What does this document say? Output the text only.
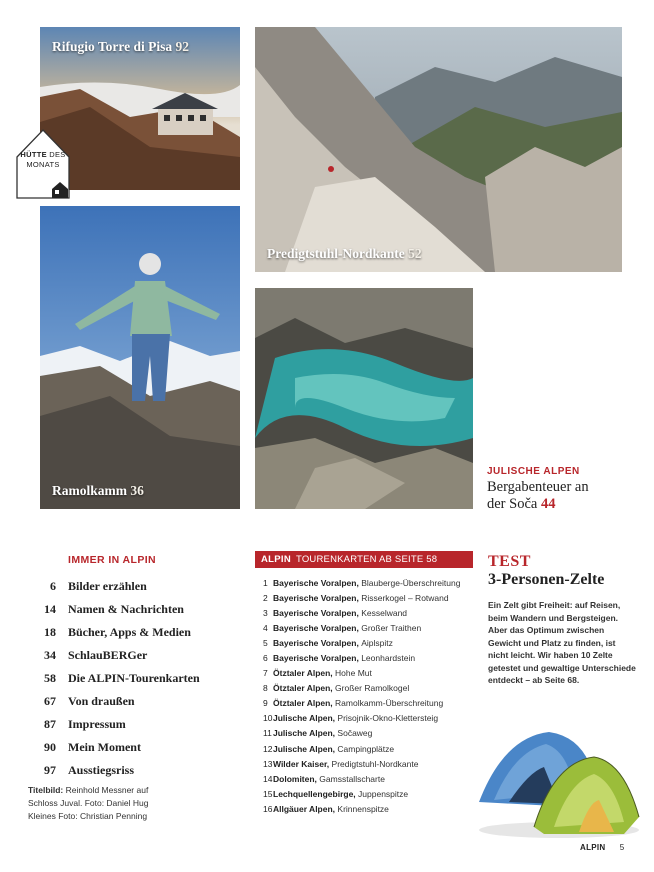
Rifugio Torre di Pisa 92
HÜTTE DES
MONATS
Predigtstuhl-Nordkante 52
Ramolkamm 36
JULISCHE ALPEN
Bergabenteuer an
der Soča 44
IMMER IN ALPIN
6	Bilder erzählen
14	Namen & Nachrichten
18	Bücher, Apps & Medien
34	SchlauBERGer
58	Die ALPIN-Tourenkarten
67	Von draußen
87	Impressum
90	Mein Moment
97	Ausstiegsriss
Titelbild: Reinhold Messner auf
Schloss Juval. Foto: Daniel Hug
Kleines Foto: Christian Penning
ALPIN TOURENKARTEN AB SEITE 58
1 Bayerische Voralpen,
Blauberge-Überschreitung
2 Bayerische Voralpen,
Risserkogel – Rotwand
3 Bayerische Voralpen,
Kesselwand
4 Bayerische Voralpen,
Großer Traithen
5 Bayerische Voralpen,
Aiplspitz
6 Bayerische Voralpen,
Leonhardstein
7 Ötztaler Alpen,
Hohe Mut
8 Ötztaler Alpen,
Großer Ramolkogel
9 Ötztaler Alpen,
Ramolkamm-Überschreitung
10 Julische Alpen,
Prisojnik-Okno-Klettersteig
11 Julische Alpen,
Sočaweg
12 Julische Alpen,
Campingplätze
13 Wilder Kaiser,
Predigtstuhl-Nordkante
14 Dolomiten,
Gamsstallscharte
15 Lechquellengebirge,
Juppenspitze
16 Allgäuer Alpen,
Krinnenspitze
TEST
3-Personen-Zelte
Ein Zelt gibt Freiheit: auf Reisen, beim Wandern und Bergsteigen. Aber das Optimum zwischen Gewicht und Platz zu finden, ist nicht leicht. Wir haben 10 Zelte getestet und gewaltige Unterschiede entdeckt – ab Seite 68.
ALPIN 5
